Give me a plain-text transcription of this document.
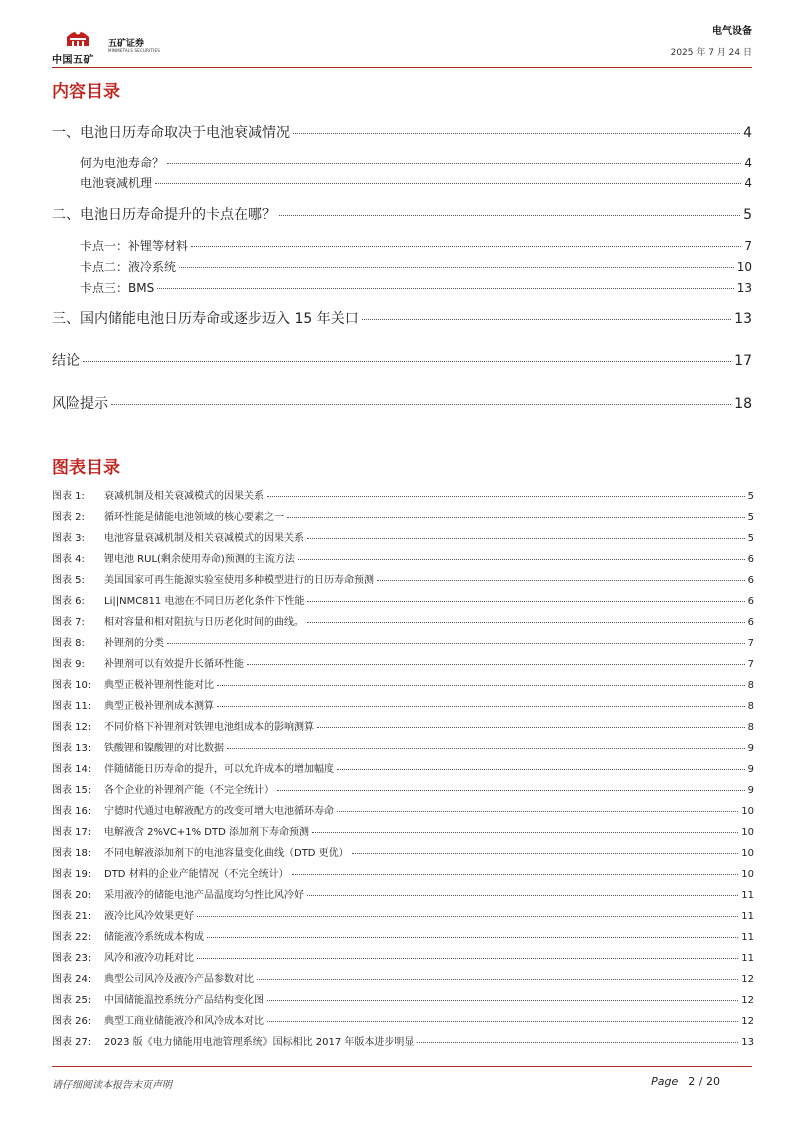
中国五矿
五矿证券
MINMETALS SECURITIES
电气设备
2025 年 7 月 24 日
内容目录
一、电池日历寿命取决于电池衰减情况	4
何为电池寿命？	4
电池衰减机理	4
二、电池日历寿命提升的卡点在哪？	5
卡点一：补锂等材料	7
卡点二：液冷系统	10
卡点三：BMS	13
三、国内储能电池日历寿命或逐步迈入 15 年关口	13
结论	17
风险提示	18
图表目录
图表 1:	衰减机制及相关衰减模式的因果关系	5
图表 2:	循环性能是储能电池领域的核心要素之一	5
图表 3:	电池容量衰减机制及相关衰减模式的因果关系	5
图表 4:	锂电池 RUL(剩余使用寿命)预测的主流方法	6
图表 5:	美国国家可再生能源实验室使用多种模型进行的日历寿命预测	6
图表 6:	Li||NMC811 电池在不同日历老化条件下性能	6
图表 7:	相对容量和相对阻抗与日历老化时间的曲线。	6
图表 8:	补锂剂的分类	7
图表 9:	补锂剂可以有效提升长循环性能	7
图表 10:	典型正极补锂剂性能对比	8
图表 11:	典型正极补锂剂成本测算	8
图表 12:	不同价格下补锂剂对铁锂电池组成本的影响测算	8
图表 13:	铁酸锂和镍酸锂的对比数据	9
图表 14:	伴随储能日历寿命的提升，可以允许成本的增加幅度	9
图表 15:	各个企业的补锂剂产能（不完全统计）	9
图表 16:	宁德时代通过电解液配方的改变可增大电池循环寿命	10
图表 17:	电解液含 2%VC+1% DTD 添加剂下寿命预测	10
图表 18:	不同电解液添加剂下的电池容量变化曲线（DTD 更优）	10
图表 19:	DTD 材料的企业产能情况（不完全统计）	10
图表 20:	采用液冷的储能电池产品温度均匀性比风冷好	11
图表 21:	液冷比风冷效果更好	11
图表 22:	储能液冷系统成本构成	11
图表 23:	风冷和液冷功耗对比	11
图表 24:	典型公司风冷及液冷产品参数对比	12
图表 25:	中国储能温控系统分产品结构变化图	12
图表 26:	典型工商业储能液冷和风冷成本对比	12
图表 27:	2023 版《电力储能用电池管理系统》国标相比 2017 年版本进步明显	13
请仔细阅读本报告末页声明	Page 2 / 20
